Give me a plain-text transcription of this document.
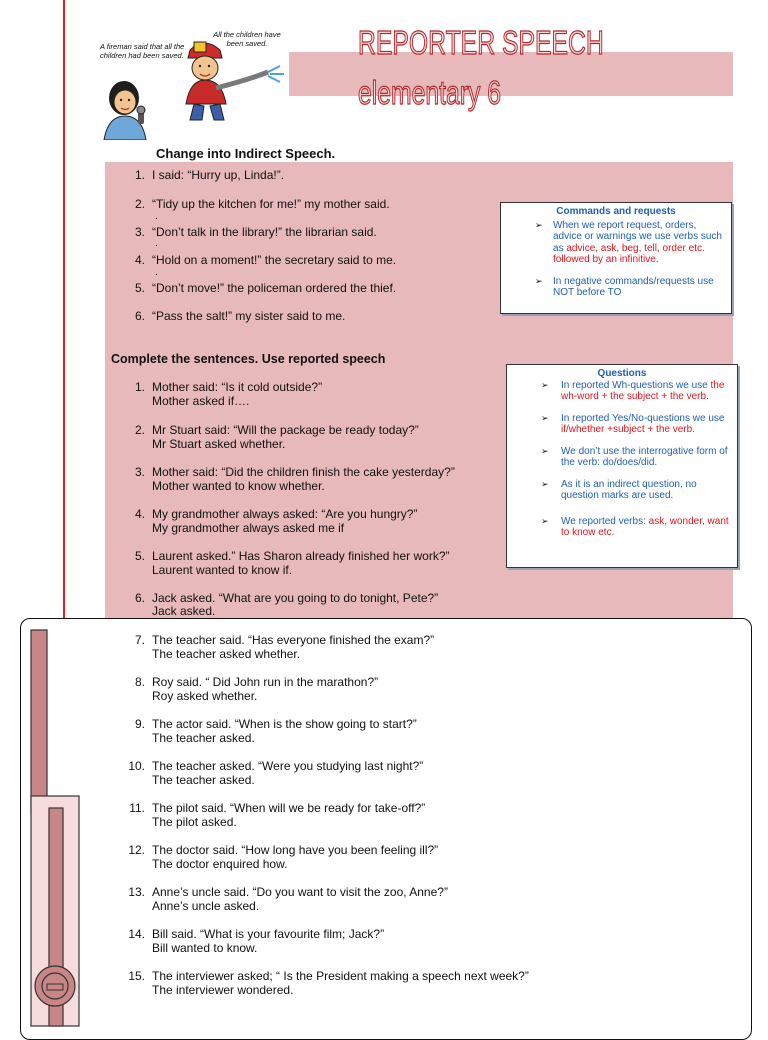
REPORTER SPEECH
elementary 6
A fireman said that all the children had been saved.
All the children have been saved.
Change into Indirect Speech.
1. I said: “Hurry up, Linda!”.
2. “Tidy up the kitchen for me!” my mother said.
.
3. “Don’t talk in the library!” the librarian said.
.
4. “Hold on a moment!” the secretary said to me.
.
5. “Don’t move!” the policeman ordered the thief.
6. “Pass the salt!” my sister said to me.
Commands and requests
➢ When we report request, orders, advice or warnings we use verbs such as advice, ask, beg, tell, order etc. followed by an infinitive.
➢ In negative commands/requests use NOT before TO
Complete the sentences. Use reported speech
Questions
➢ In reported Wh-questions we use the wh-word + the subject + the verb.
➢ In reported Yes/No-questions we use if/whether +subject + the verb.
➢ We don’t use the interrogative form of the verb: do/does/did.
➢ As it is an indirect question, no question marks are used.
➢ We reported verbs: ask, wonder, want to know etc.
1. Mother said: “Is it cold outside?”
Mother asked if….
2. Mr Stuart said: “Will the package be ready today?”
Mr Stuart asked whether.
3. Mother said: “Did the children finish the cake yesterday?”
Mother wanted to know whether.
4. My grandmother always asked: “Are you hungry?”
My grandmother always asked me if
5. Laurent asked.” Has Sharon already finished her work?”
Laurent wanted to know if.
6. Jack asked. “What are you going to do tonight, Pete?”
Jack asked.
7. The teacher said. “Has everyone finished the exam?”
The teacher asked whether.
8. Roy said. “ Did John run in the marathon?”
Roy asked whether.
9. The actor said. “When is the show going to start?”
The teacher asked.
10. The teacher asked. “Were you studying last night?”
The teacher asked.
11. The pilot said. “When will we be ready for take-off?”
The pilot asked.
12. The doctor said. “How long have you been feeling ill?”
The doctor enquired how.
13. Anne’s uncle said. “Do you want to visit the zoo, Anne?”
Anne’s uncle asked.
14. Bill said. “What is your favourite film; Jack?”
Bill wanted to know.
15. The interviewer asked; “ Is the President making a speech next week?”
The interviewer wondered.
